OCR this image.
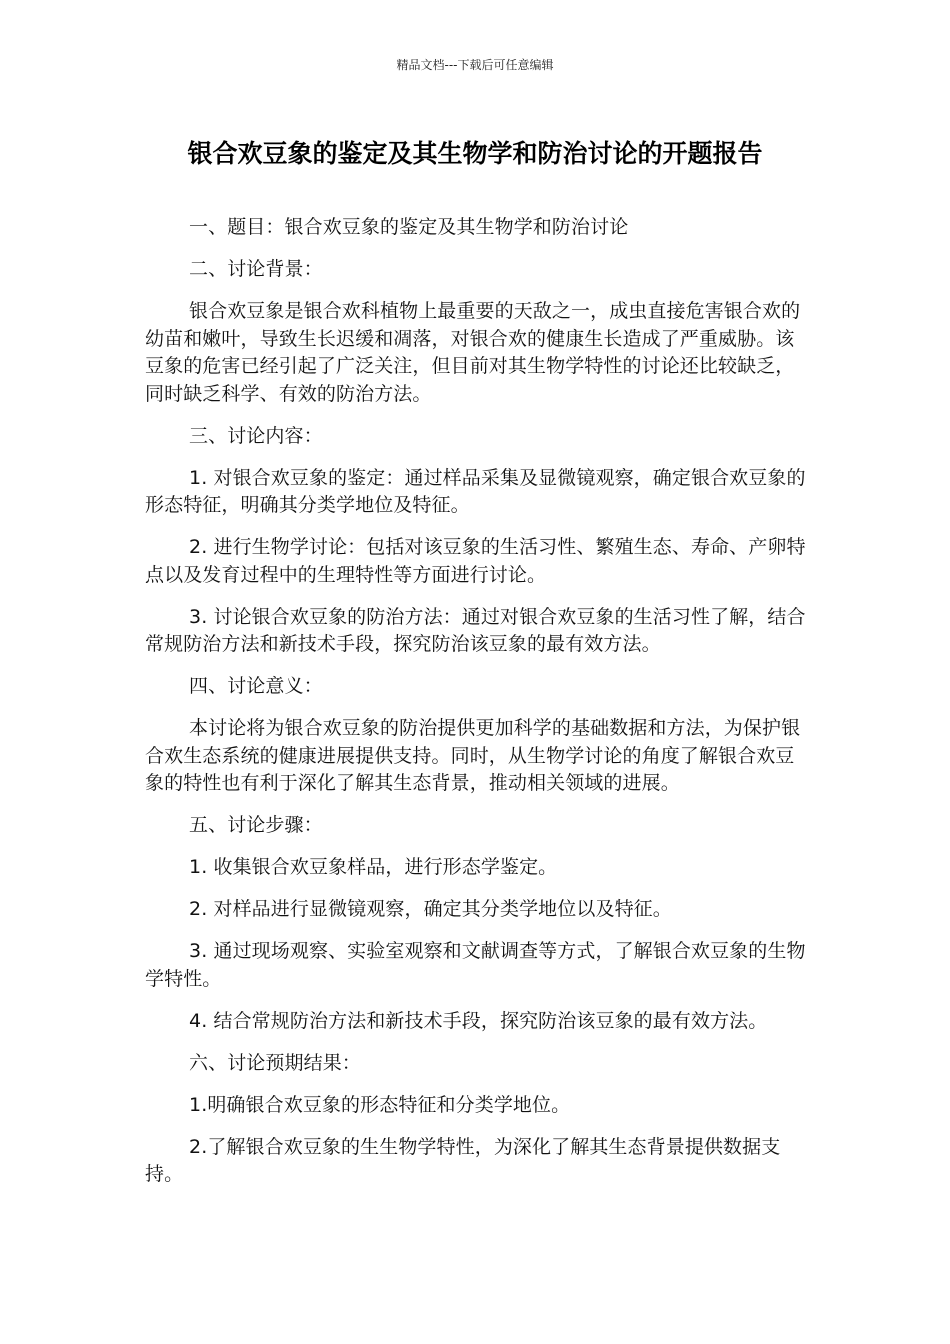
精品文档---下载后可任意编辑
银合欢豆象的鉴定及其生物学和防治讨论的开题报告

一、题目：银合欢豆象的鉴定及其生物学和防治讨论

二、讨论背景：

银合欢豆象是银合欢科植物上最重要的天敌之一，成虫直接危害银合欢的幼苗和嫩叶，导致生长迟缓和凋落，对银合欢的健康生长造成了严重威胁。该豆象的危害已经引起了广泛关注，但目前对其生物学特性的讨论还比较缺乏，同时缺乏科学、有效的防治方法。

三、讨论内容：

1. 对银合欢豆象的鉴定：通过样品采集及显微镜观察，确定银合欢豆象的形态特征，明确其分类学地位及特征。

2. 进行生物学讨论：包括对该豆象的生活习性、繁殖生态、寿命、产卵特点以及发育过程中的生理特性等方面进行讨论。

3. 讨论银合欢豆象的防治方法：通过对银合欢豆象的生活习性了解，结合常规防治方法和新技术手段，探究防治该豆象的最有效方法。

四、讨论意义：

本讨论将为银合欢豆象的防治提供更加科学的基础数据和方法，为保护银合欢生态系统的健康进展提供支持。同时，从生物学讨论的角度了解银合欢豆象的特性也有利于深化了解其生态背景，推动相关领域的进展。

五、讨论步骤：

1. 收集银合欢豆象样品，进行形态学鉴定。

2. 对样品进行显微镜观察，确定其分类学地位以及特征。

3. 通过现场观察、实验室观察和文献调查等方式，了解银合欢豆象的生物学特性。

4. 结合常规防治方法和新技术手段，探究防治该豆象的最有效方法。

六、讨论预期结果：

1.明确银合欢豆象的形态特征和分类学地位。

2.了解银合欢豆象的生生物学特性，为深化了解其生态背景提供数据支持。
